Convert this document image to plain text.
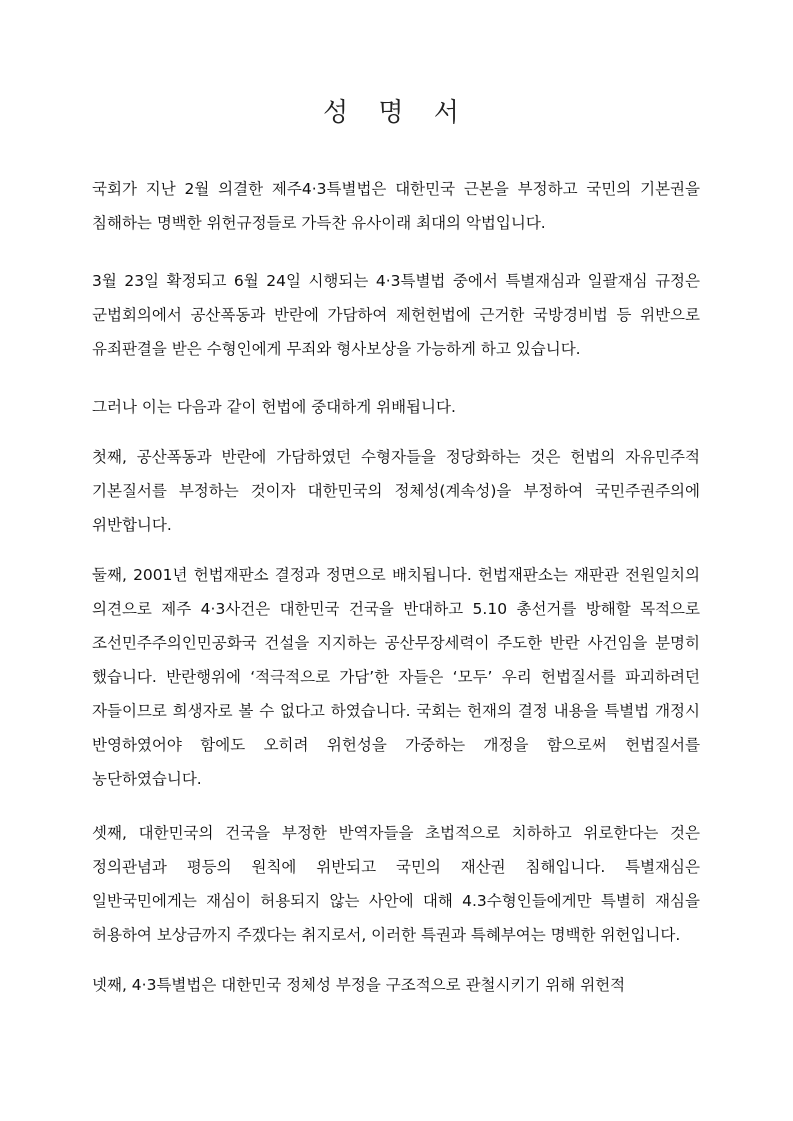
성 명 서

국회가 지난 2월 의결한 제주4·3특별법은 대한민국 근본을 부정하고 국민의 기본권을 침해하는 명백한 위헌규정들로 가득찬 유사이래 최대의 악법입니다.

3월 23일 확정되고 6월 24일 시행되는 4·3특별법 중에서 특별재심과 일괄재심 규정은 군법회의에서 공산폭동과 반란에 가담하여 제헌헌법에 근거한 국방경비법 등 위반으로 유죄판결을 받은 수형인에게 무죄와 형사보상을 가능하게 하고 있습니다.

그러나 이는 다음과 같이 헌법에 중대하게 위배됩니다.

첫째, 공산폭동과 반란에 가담하였던 수형자들을 정당화하는 것은 헌법의 자유민주적 기본질서를 부정하는 것이자 대한민국의 정체성(계속성)을 부정하여 국민주권주의에 위반합니다.

둘째, 2001년 헌법재판소 결정과 정면으로 배치됩니다. 헌법재판소는 재판관 전원일치의 의견으로 제주 4·3사건은 대한민국 건국을 반대하고 5.10 총선거를 방해할 목적으로 조선민주주의인민공화국 건설을 지지하는 공산무장세력이 주도한 반란 사건임을 분명히 했습니다. 반란행위에 ‘적극적으로 가담’한 자들은 ‘모두’ 우리 헌법질서를 파괴하려던 자들이므로 희생자로 볼 수 없다고 하였습니다. 국회는 헌재의 결정 내용을 특별법 개정시 반영하였어야 함에도 오히려 위헌성을 가중하는 개정을 함으로써 헌법질서를 농단하였습니다.

셋째, 대한민국의 건국을 부정한 반역자들을 초법적으로 치하하고 위로한다는 것은 정의관념과 평등의 원칙에 위반되고 국민의 재산권 침해입니다. 특별재심은 일반국민에게는 재심이 허용되지 않는 사안에 대해 4.3수형인들에게만 특별히 재심을 허용하여 보상금까지 주겠다는 취지로서, 이러한 특권과 특혜부여는 명백한 위헌입니다.

넷째, 4·3특별법은 대한민국 정체성 부정을 구조적으로 관철시키기 위해 위헌적
